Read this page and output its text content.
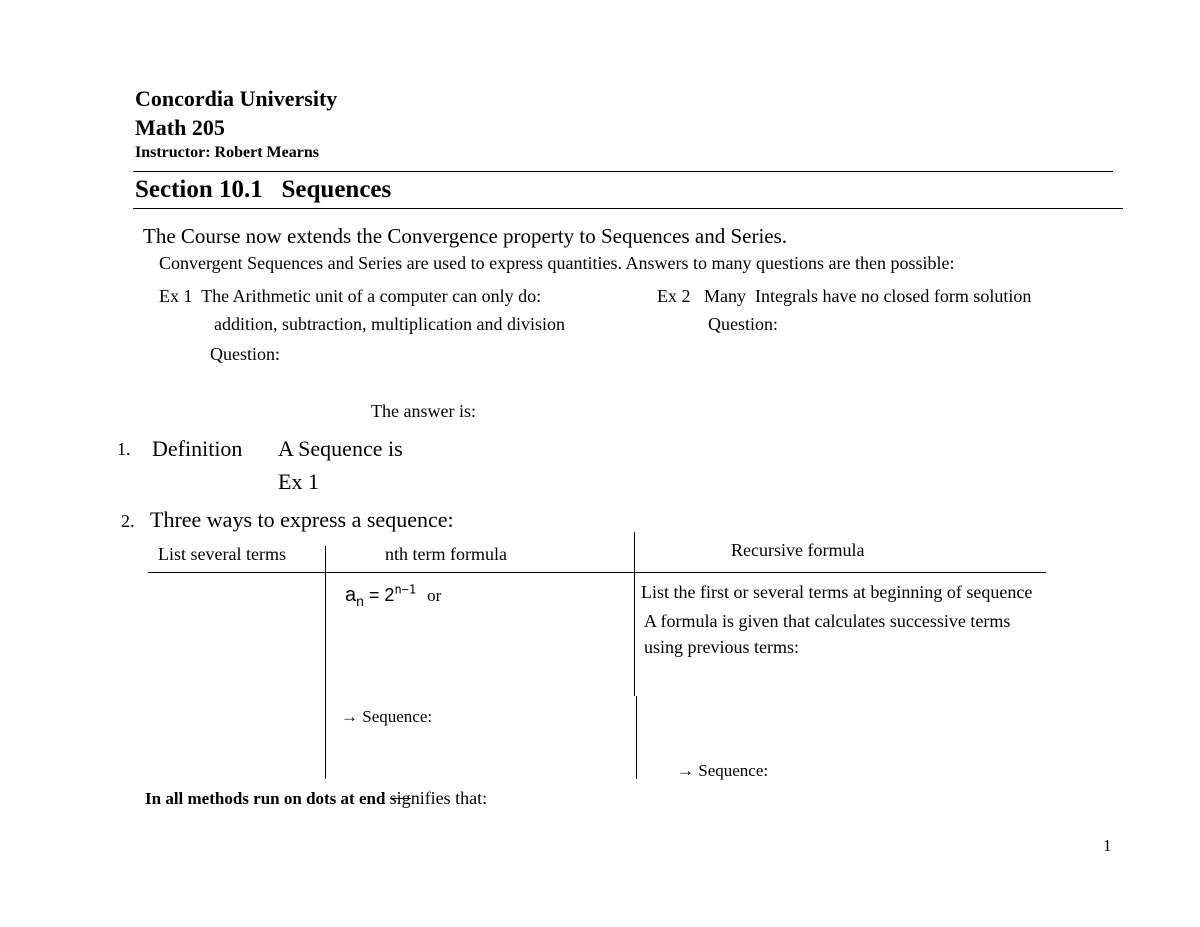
Concordia University
Math 205
Instructor: Robert Mearns
Section 10.1   Sequences
The Course now extends the Convergence property to Sequences and Series.
Convergent Sequences and Series are used to express quantities. Answers to many questions are then possible:
Ex 1  The Arithmetic unit of a computer can only do:
addition, subtraction, multiplication and division
Question:
The answer is:
Ex 2   Many  Integrals have no closed form solution
Question:
1. Definition A Sequence is
Ex 1
2. Three ways to express a sequence:
List several terms	nth term formula	Recursive formula
$a_n = 2^{n-1}$ or
→ Sequence:
List the first or several terms at beginning of sequence
A formula is given that calculates successive terms
using previous terms:
→ Sequence:
In all methods run on dots at end signifies that:
1
